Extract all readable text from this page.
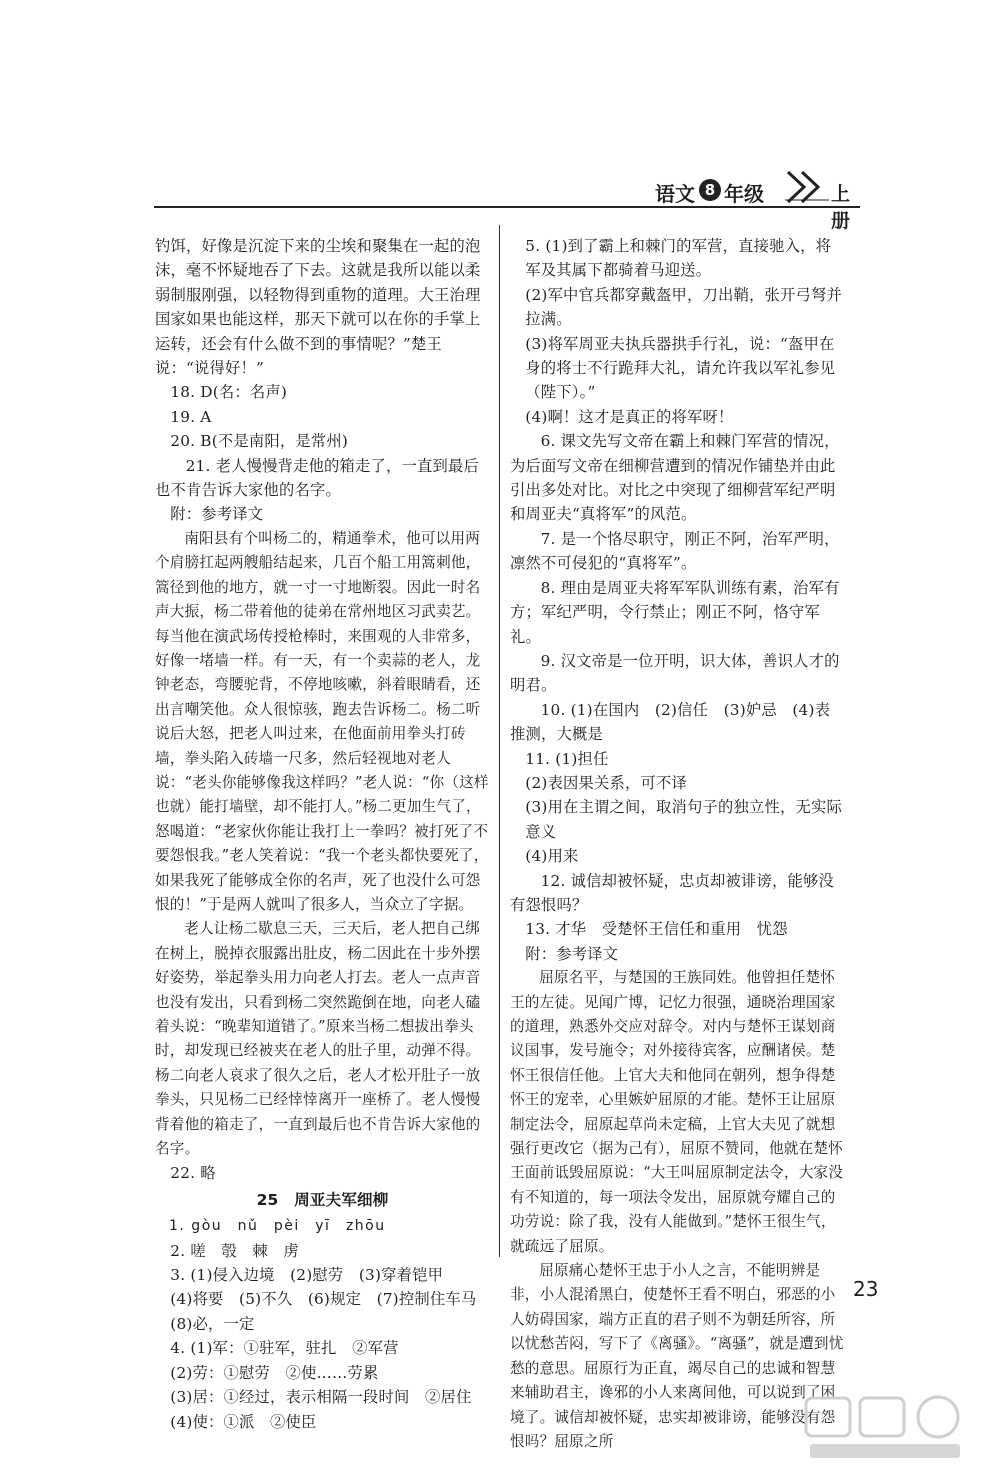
语文 8 年级	上册

钓饵，好像是沉淀下来的尘埃和聚集在一起的泡沫，毫不怀疑地吞了下去。这就是我所以能以柔弱制服刚强，以轻物得到重物的道理。大王治理国家如果也能这样，那天下就可以在你的手掌上运转，还会有什么做不到的事情呢？”楚王说：“说得好！”

18. D(名：名声)

19. A

20. B(不是南阳，是常州)

21. 老人慢慢背走他的箱走了，一直到最后也不肯告诉大家他的名字。

附：参考译文

南阳县有个叫杨二的，精通拳术，他可以用两个肩膀扛起两艘船结起来，几百个船工用篙刺他，篙径到他的地方，就一寸一寸地断裂。因此一时名声大振，杨二带着他的徒弟在常州地区习武卖艺。每当他在演武场传授枪棒时，来围观的人非常多，好像一堵墙一样。有一天，有一个卖蒜的老人，龙钟老态，弯腰驼背，不停地咳嗽，斜着眼睛看，还出言嘲笑他。众人很惊骇，跑去告诉杨二。杨二听说后大怒，把老人叫过来，在他面前用拳头打砖墙，拳头陷入砖墙一尺多，然后轻视地对老人说：“老头你能够像我这样吗？”老人说：“你（这样也就）能打墙壁，却不能打人。”杨二更加生气了，怒喝道：“老家伙你能让我打上一拳吗？被打死了不要怨恨我。”老人笑着说：“我一个老头都快要死了，如果我死了能够成全你的名声，死了也没什么可怨恨的！”于是两人就叫了很多人，当众立了字据。

老人让杨二歇息三天，三天后，老人把自己绑在树上，脱掉衣服露出肚皮，杨二因此在十步外摆好姿势，举起拳头用力向老人打去。老人一点声音也没有发出，只看到杨二突然跪倒在地，向老人磕着头说：“晚辈知道错了。”原来当杨二想拔出拳头时，却发现已经被夹在老人的肚子里，动弹不得。杨二向老人哀求了很久之后，老人才松开肚子一放拳头，只见杨二已经悻悻离开一座桥了。老人慢慢背着他的箱走了，一直到最后也不肯告诉大家他的名字。

22. 略

25　周亚夫军细柳

1. gòu　nǔ　pèi　yī　zhōu

2. 嗟　彀　棘　虏

3. (1)侵入边境　(2)慰劳　(3)穿着铠甲

(4)将要　(5)不久　(6)规定　(7)控制住车马

(8)必，一定

4. (1)军：①驻军，驻扎　②军营

(2)劳：①慰劳　②使……劳累

(3)居：①经过，表示相隔一段时间　②居住

(4)使：①派　②使臣

5. (1)到了霸上和棘门的军营，直接驰入，将军及其属下都骑着马迎送。

(2)军中官兵都穿戴盔甲，刀出鞘，张开弓弩并拉满。

(3)将军周亚夫执兵器拱手行礼，说：“盔甲在身的将士不行跪拜大礼，请允许我以军礼参见（陛下）。”

(4)啊！这才是真正的将军呀！

6. 课文先写文帝在霸上和棘门军营的情况，为后面写文帝在细柳营遭到的情况作铺垫并由此引出多处对比。对比之中突现了细柳营军纪严明和周亚夫“真将军”的风范。

7. 是一个恪尽职守，刚正不阿，治军严明，凛然不可侵犯的“真将军”。

8. 理由是周亚夫将军军队训练有素，治军有方；军纪严明，令行禁止；刚正不阿，恪守军礼。

9. 汉文帝是一位开明，识大体，善识人才的明君。

10. (1)在国内　(2)信任　(3)妒忌　(4)表推测，大概是

11. (1)担任

(2)表因果关系，可不译

(3)用在主谓之间，取消句子的独立性，无实际意义

(4)用来

12. 诚信却被怀疑，忠贞却被诽谤，能够没有怨恨吗？

13. 才华　受楚怀王信任和重用　忧怨

附：参考译文

屈原名平，与楚国的王族同姓。他曾担任楚怀王的左徒。见闻广博，记忆力很强，通晓治理国家的道理，熟悉外交应对辞令。对内与楚怀王谋划商议国事，发号施令；对外接待宾客，应酬诸侯。楚怀王很信任他。上官大夫和他同在朝列，想争得楚怀王的宠幸，心里嫉妒屈原的才能。楚怀王让屈原制定法令，屈原起草尚未定稿，上官大夫见了就想强行更改它（据为己有），屈原不赞同，他就在楚怀王面前诋毁屈原说：“大王叫屈原制定法令，大家没有不知道的，每一项法令发出，屈原就夸耀自己的功劳说：除了我，没有人能做到。”楚怀王很生气，就疏远了屈原。

屈原痛心楚怀王忠于小人之言，不能明辨是非，小人混淆黑白，使楚怀王看不明白，邪恶的小人妨碍国家，端方正直的君子则不为朝廷所容，所以忧愁苦闷，写下了《离骚》。“离骚”，就是遭到忧愁的意思。屈原行为正直，竭尽自己的忠诚和智慧来辅助君主，谗邪的小人来离间他，可以说到了困境了。诚信却被怀疑，忠实却被诽谤，能够没有怨恨吗？屈原之所

23
